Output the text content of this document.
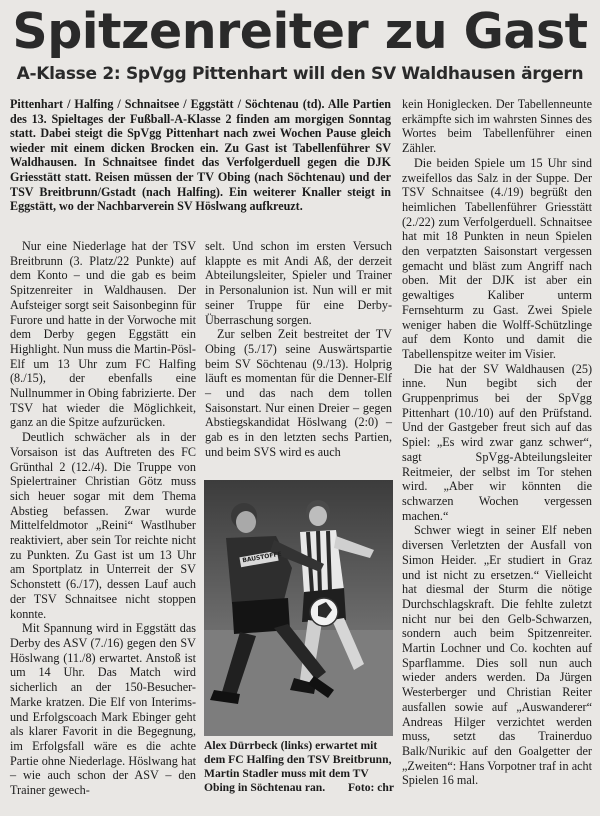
Spitzenreiter zu Gast
A-Klasse 2: SpVgg Pittenhart will den SV Waldhausen ärgern

Pittenhart / Halfing / Schnaitsee / Eggstätt / Söchtenau (td). Alle Partien des 13. Spieltages der Fußball-A-Klasse 2 finden am morgigen Sonntag statt. Dabei steigt die SpVgg Pittenhart nach zwei Wochen Pause gleich wieder mit einem dicken Brocken ein. Zu Gast ist Tabellenführer SV Waldhausen. In Schnaitsee findet das Verfolgerduell gegen die DJK Griesstätt statt. Reisen müssen der TV Obing (nach Söchtenau) und der TSV Breitbrunn/Gstadt (nach Halfing). Ein weiterer Knaller steigt in Eggstätt, wo der Nachbarverein SV Höslwang aufkreuzt.

Nur eine Niederlage hat der TSV Breitbrunn (3. Platz/22 Punkte) auf dem Konto – und die gab es beim Spitzenreiter in Waldhausen. Der Aufsteiger sorgt seit Saisonbeginn für Furore und hatte in der Vorwoche mit dem Derby gegen Eggstätt ein Highlight. Nun muss die Martin-Pösl-Elf um 13 Uhr zum FC Halfing (8./15), der ebenfalls eine Nullnummer in Obing fabrizierte. Der TSV hat wieder die Möglichkeit, ganz an die Spitze aufzurücken.

Deutlich schwächer als in der Vorsaison ist das Auftreten des FC Grünthal 2 (12./4). Die Truppe von Spielertrainer Christian Götz muss sich heuer sogar mit dem Thema Abstieg befassen. Zwar wurde Mittelfeldmotor „Reini“ Wastlhuber reaktiviert, aber sein Tor reichte nicht zu Punkten. Zu Gast ist um 13 Uhr am Sportplatz in Unterreit der SV Schonstett (6./17), dessen Lauf auch der TSV Schnaitsee nicht stoppen konnte.

Mit Spannung wird in Eggstätt das Derby des ASV (7./16) gegen den SV Höslwang (11./8) erwartet. Anstoß ist um 14 Uhr. Das Match wird sicherlich an der 150-Besucher-Marke kratzen. Die Elf von Interims- und Erfolgscoach Mark Ebinger geht als klarer Favorit in die Begegnung, im Erfolgsfall wäre es die achte Partie ohne Niederlage. Höslwang hat – wie auch schon der ASV – den Trainer gewech-

selt. Und schon im ersten Versuch klappte es mit Andi Aß, der derzeit Abteilungsleiter, Spieler und Trainer in Personalunion ist. Nun will er mit seiner Truppe für eine Derby-Überraschung sorgen.

Zur selben Zeit bestreitet der TV Obing (5./17) seine Auswärtspartie beim SV Söchtenau (9./13). Holprig läuft es momentan für die Denner-Elf – und das nach dem tollen Saisonstart. Nur einen Dreier – gegen Abstiegskandidat Höslwang (2:0) – gab es in den letzten sechs Partien, und beim SVS wird es auch

BAUSTOFFE

Alex Dürrbeck (links) erwartet mit dem FC Halfing den TSV Breitbrunn, Martin Stadler muss mit dem TV Obing in Söchtenau ran. Foto: chr

kein Honiglecken. Der Tabellenneunte erkämpfte sich im wahrsten Sinnes des Wortes beim Tabellenführer einen Zähler.

Die beiden Spiele um 15 Uhr sind zweifellos das Salz in der Suppe. Der TSV Schnaitsee (4./19) begrüßt den heimlichen Tabellenführer Griesstätt (2./22) zum Verfolgerduell. Schnaitsee hat mit 18 Punkten in neun Spielen den verpatzten Saisonstart vergessen gemacht und bläst zum Angriff nach oben. Mit der DJK ist aber ein gewaltiges Kaliber unterm Fernsehturm zu Gast. Zwei Spiele weniger haben die Wolff-Schützlinge auf dem Konto und damit die Tabellenspitze weiter im Visier.

Die hat der SV Waldhausen (25) inne. Nun begibt sich der Gruppenprimus bei der SpVgg Pittenhart (10./10) auf den Prüfstand. Und der Gastgeber freut sich auf das Spiel: „Es wird zwar ganz schwer“, sagt SpVgg-Abteilungsleiter Reitmeier, der selbst im Tor stehen wird. „Aber wir könnten die schwarzen Wochen vergessen machen.“

Schwer wiegt in seiner Elf neben diversen Verletzten der Ausfall von Simon Heider. „Er studiert in Graz und ist nicht zu ersetzen.“ Vielleicht hat diesmal der Sturm die nötige Durchschlagskraft. Die fehlte zuletzt nicht nur bei den Gelb-Schwarzen, sondern auch beim Spitzenreiter. Martin Lochner und Co. kochten auf Sparflamme. Dies soll nun auch wieder anders werden. Da Jürgen Westerberger und Christian Reiter ausfallen sowie auf „Auswanderer“ Andreas Hilger verzichtet werden muss, setzt das Trainerduo Balk/Nurikic auf den Goalgetter der „Zweiten“: Hans Vorpotner traf in acht Spielen 16 mal.
